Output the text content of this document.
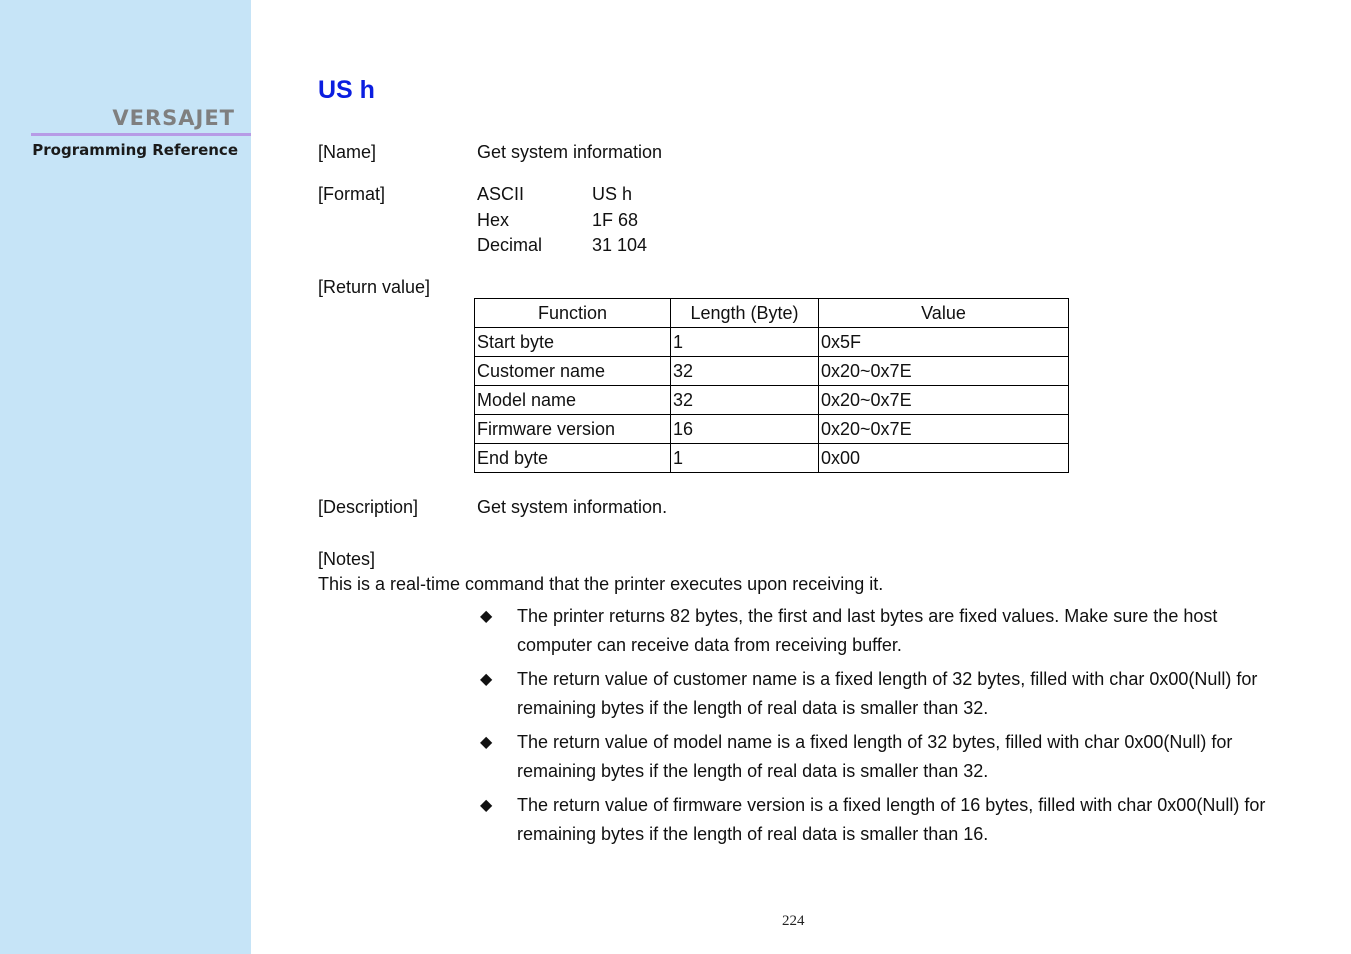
VERSAJET
Programming Reference
US h
[Name]	Get system information
[Format]	ASCII	US h
Hex	1F 68
Decimal	31 104
[Return value]
Function	Length (Byte)	Value
Start byte	1	0x5F
Customer name	32	0x20~0x7E
Model name	32	0x20~0x7E
Firmware version	16	0x20~0x7E
End byte	1	0x00
[Description]	Get system information.
[Notes]
This is a real-time command that the printer executes upon receiving it.
◆ The printer returns 82 bytes, the first and last bytes are fixed values. Make sure the host computer can receive data from receiving buffer.
◆ The return value of customer name is a fixed length of 32 bytes, filled with char 0x00(Null) for remaining bytes if the length of real data is smaller than 32.
◆ The return value of model name is a fixed length of 32 bytes, filled with char 0x00(Null) for remaining bytes if the length of real data is smaller than 32.
◆ The return value of firmware version is a fixed length of 16 bytes, filled with char 0x00(Null) for remaining bytes if the length of real data is smaller than 16.
224
